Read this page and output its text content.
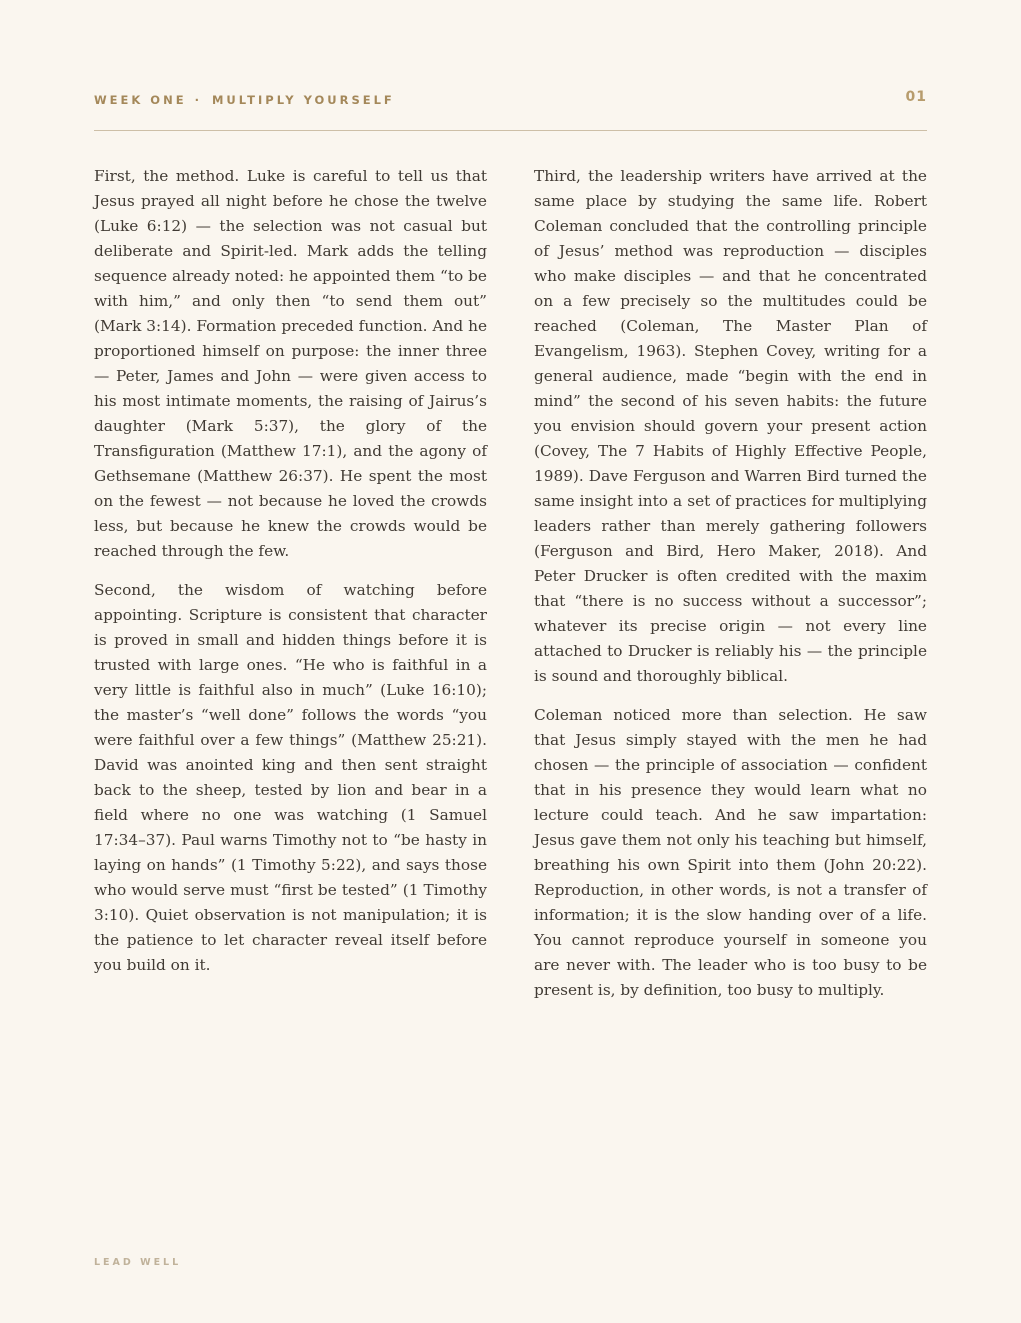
WEEK ONE · MULTIPLY YOURSELF	01

First, the method. Luke is careful to tell us that Jesus prayed all night before he chose the twelve (Luke 6:12) — the selection was not casual but deliberate and Spirit-led. Mark adds the telling sequence already noted: he appointed them “to be with him,” and only then “to send them out” (Mark 3:14). Formation preceded function. And he proportioned himself on purpose: the inner three — Peter, James and John — were given access to his most intimate moments, the raising of Jairus’s daughter (Mark 5:37), the glory of the Transfiguration (Matthew 17:1), and the agony of Gethsemane (Matthew 26:37). He spent the most on the fewest — not because he loved the crowds less, but because he knew the crowds would be reached through the few.

Second, the wisdom of watching before appointing. Scripture is consistent that character is proved in small and hidden things before it is trusted with large ones. “He who is faithful in a very little is faithful also in much” (Luke 16:10); the master’s “well done” follows the words “you were faithful over a few things” (Matthew 25:21). David was anointed king and then sent straight back to the sheep, tested by lion and bear in a field where no one was watching (1 Samuel 17:34–37). Paul warns Timothy not to “be hasty in laying on hands” (1 Timothy 5:22), and says those who would serve must “first be tested” (1 Timothy 3:10). Quiet observation is not manipulation; it is the patience to let character reveal itself before you build on it.

Third, the leadership writers have arrived at the same place by studying the same life. Robert Coleman concluded that the controlling principle of Jesus’ method was reproduction — disciples who make disciples — and that he concentrated on a few precisely so the multitudes could be reached (Coleman, The Master Plan of Evangelism, 1963). Stephen Covey, writing for a general audience, made “begin with the end in mind” the second of his seven habits: the future you envision should govern your present action (Covey, The 7 Habits of Highly Effective People, 1989). Dave Ferguson and Warren Bird turned the same insight into a set of practices for multiplying leaders rather than merely gathering followers (Ferguson and Bird, Hero Maker, 2018). And Peter Drucker is often credited with the maxim that “there is no success without a successor”; whatever its precise origin — not every line attached to Drucker is reliably his — the principle is sound and thoroughly biblical.

Coleman noticed more than selection. He saw that Jesus simply stayed with the men he had chosen — the principle of association — confident that in his presence they would learn what no lecture could teach. And he saw impartation: Jesus gave them not only his teaching but himself, breathing his own Spirit into them (John 20:22). Reproduction, in other words, is not a transfer of information; it is the slow handing over of a life. You cannot reproduce yourself in someone you are never with. The leader who is too busy to be present is, by definition, too busy to multiply.

LEAD WELL
